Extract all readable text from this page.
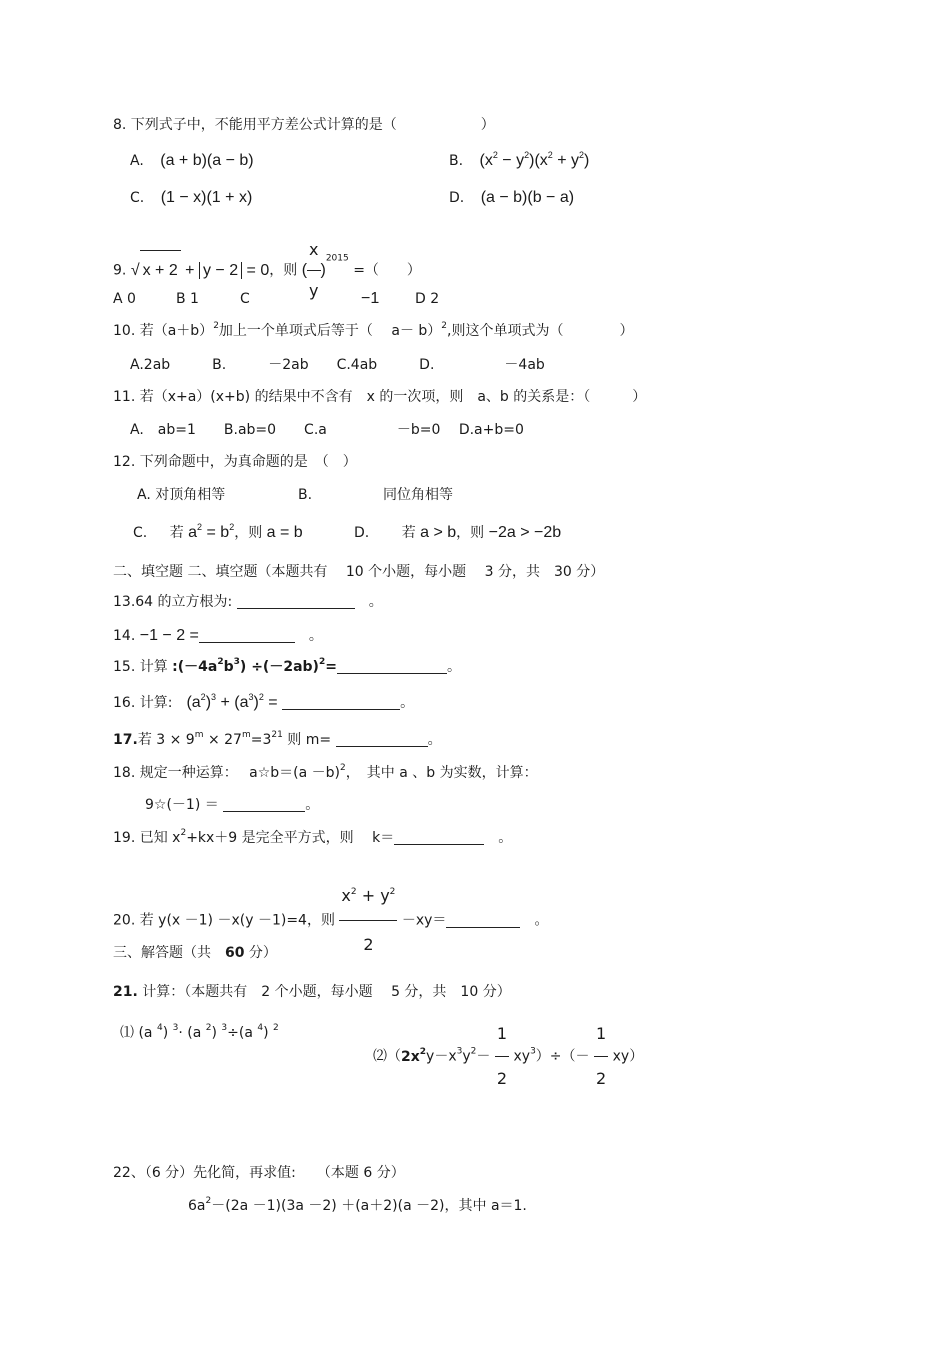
8. 下列式子中，不能用平方差公式计算的是（　　　　　　）
A. (a + b)(a − b)	B. $(x^2 - y^2)(x^2 + y^2)$
C. (1 − x)(1 + x)	D. (a − b)(b − a)
9. √ x + 2 + y − 2 = 0，则 ( $\frac{x}{y} )^{2015}$ =（　　）
A 0	B 1	C	−1	D 2
10. 若$(a+b)^2$加上一个单项式后等于（　 a－ b）$^2$,则这个单项式为（　　　　）
A.2ab　　　B.　　　－2ab　　C.4ab　　　D.　　　　　－4ab
11. 若（x+a）(x+b) 的结果中不含有　x 的一次项，则　a、b 的关系是：（　　　）
A.　ab=1　　B.ab=0　　C.a　　　　　－b=0　 D.a+b=0
12. 下列命题中，为真命题的是　（　）
A. 对顶角相等	B.	同位角相等
C. 若 $a^2 = b^2$，则 a = b	D. 若 a > b，则 −2a > −2b
二、填空题 二、填空题（本题共有　 10 个小题，每小题　 3 分，共　30 分）
13.64 的立方根为: 　	。
14. −1 − 2 =　	。
15. 计算 $:(-4a^2b^3) \div(-2ab)^2=$	。
16. 计算:　 $(a^2)^3 + (a^3)^2$ =	。
17.若 $3 \times 9^m \times 27^m=3^{21}$ 则 m=	。
18. 规定一种运算：　 a☆b＝(a －b)$^2$，　其中 a 、b 为实数，计算：
9☆(－1) ＝	。
19. 已知 $x^2+kx+9$ 是完全平方式，则　 k＝　	。
20. 若 y(x －1) －x(y －1)=4，则 $\frac{x^2 + y^2}{2} -xy=$　	。
三、解答题（共　60 分）
21. 计算：（本题共有　2 个小题，每小题　 5 分，共　10 分）
⑴ (a $^4$) $^3$· (a $^2$) $^3$÷(a $^4$) $^2$
$⑵(2x^2y-x^3y^2- \frac{1}{2} xy^3)\div(- \frac{1}{2} xy)$
22、（6 分）先化简，再求值:　　（本题 6 分）
$6a^2-(2a -1)(3a -2) +(a+2)(a -2)$，其中 a＝1.
